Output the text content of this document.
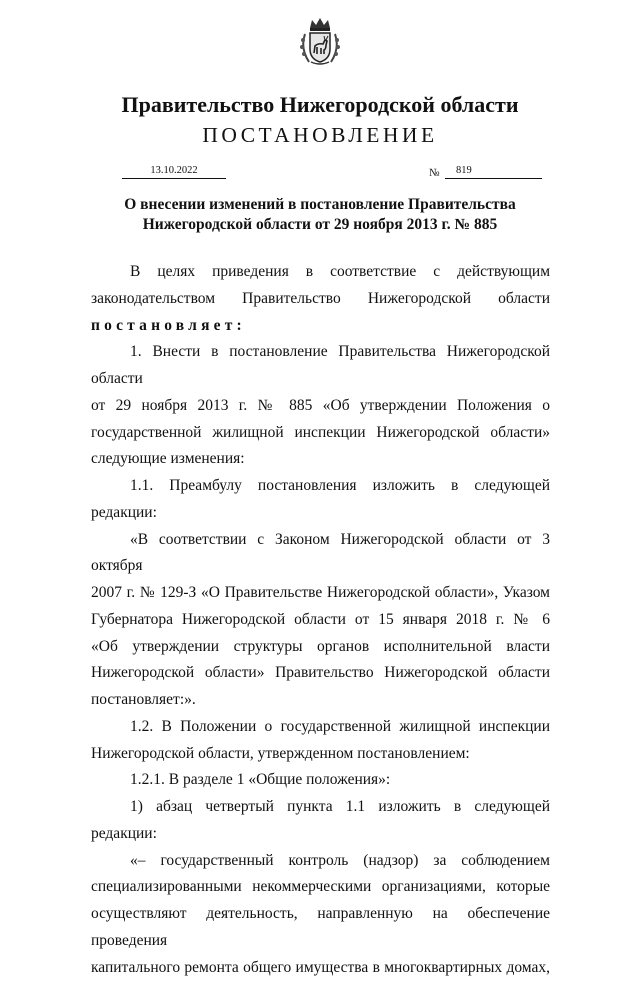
Правительство Нижегородской области
ПОСТАНОВЛЕНИЕ
13.10.2022	№	819
О внесении изменений в постановление Правительства
Нижегородской области от 29 ноября 2013 г. № 885

В целях приведения в соответствие с действующим

законодательством Правительство Нижегородской области

постановляет:

1. Внести в постановление Правительства Нижегородской области

от 29 ноября 2013 г. № 885 «Об утверждении Положения о

государственной жилищной инспекции Нижегородской области»

следующие изменения:

1.1. Преамбулу постановления изложить в следующей редакции:

«В соответствии с Законом Нижегородской области от 3 октября

2007 г. № 129-З «О Правительстве Нижегородской области», Указом

Губернатора Нижегородской области от 15 января 2018 г. № 6

«Об утверждении структуры органов исполнительной власти

Нижегородской области» Правительство Нижегородской области

постановляет:».

1.2. В Положении о государственной жилищной инспекции

Нижегородской области, утвержденном постановлением:

1.2.1. В разделе 1 «Общие положения»:

1) абзац четвертый пункта 1.1 изложить в следующей редакции:

«– государственный контроль (надзор) за соблюдением

специализированными некоммерческими организациями, которые

осуществляют деятельность, направленную на обеспечение проведения

капитального ремонта общего имущества в многоквартирных домах,
